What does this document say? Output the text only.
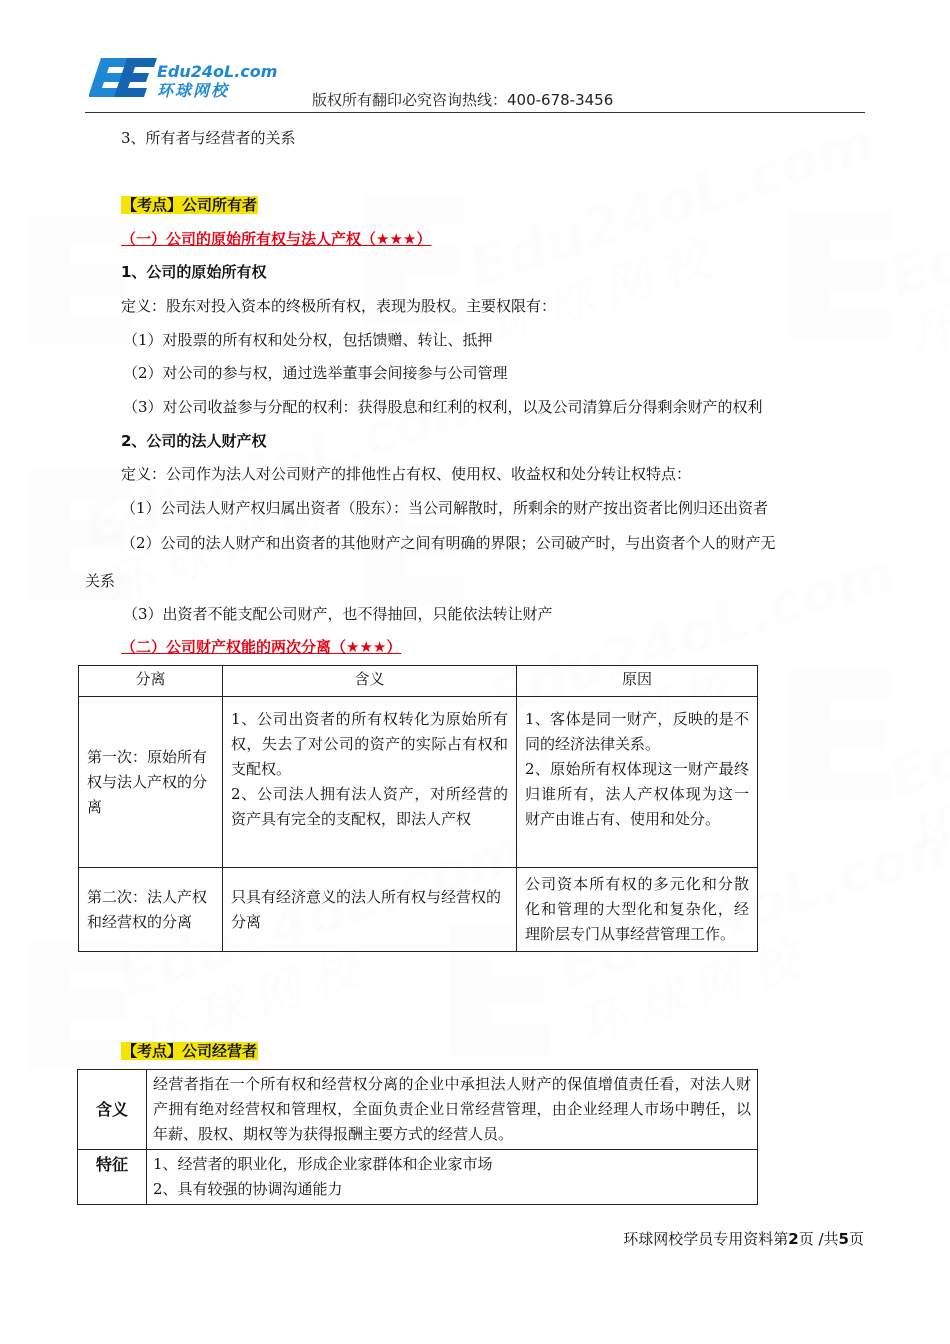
Edu24oL.com
环球网校	版权所有翻印必究咨询热线：400-678-3456
3、所有者与经营者的关系
【考点】公司所有者
（一）公司的原始所有权与法人产权（★★★）
1、公司的原始所有权
定义：股东对投入资本的终极所有权，表现为股权。主要权限有：
（1）对股票的所有权和处分权，包括馈赠、转让、抵押
（2）对公司的参与权，通过选举董事会间接参与公司管理
（3）对公司收益参与分配的权利：获得股息和红利的权利，以及公司清算后分得剩余财产的权利
2、公司的法人财产权
定义：公司作为法人对公司财产的排他性占有权、使用权、收益权和处分转让权特点：
（1）公司法人财产权归属出资者（股东）：当公司解散时，所剩余的财产按出资者比例归还出资者
（2）公司的法人财产和出资者的其他财产之间有明确的界限；公司破产时，与出资者个人的财产无
关系
（3）出资者不能支配公司财产，也不得抽回，只能依法转让财产
（二）公司财产权能的两次分离（★★★）
分离	含义	原因
第一次：原始所有权与法人产权的分离	1、公司出资者的所有权转化为原始所有权，失去了对公司的资产的实际占有权和支配权。
2、公司法人拥有法人资产，对所经营的资产具有完全的支配权，即法人产权	1、客体是同一财产，反映的是不同的经济法律关系。
2、原始所有权体现这一财产最终归谁所有，法人产权体现为这一财产由谁占有、使用和处分。
第二次：法人产权和经营权的分离	只具有经济意义的法人所有权与经营权的分离	公司资本所有权的多元化和分散化和管理的大型化和复杂化，经理阶层专门从事经营管理工作。
【考点】公司经营者
含义	经营者指在一个所有权和经营权分离的企业中承担法人财产的保值增值责任看，对法人财产拥有绝对经营权和管理权，全面负责企业日常经营管理，由企业经理人市场中聘任，以年薪、股权、期权等为获得报酬主要方式的经营人员。
特征	1、经营者的职业化，形成企业家群体和企业家市场
2、具有较强的协调沟通能力
环球网校学员专用资料第2页 /共5页
